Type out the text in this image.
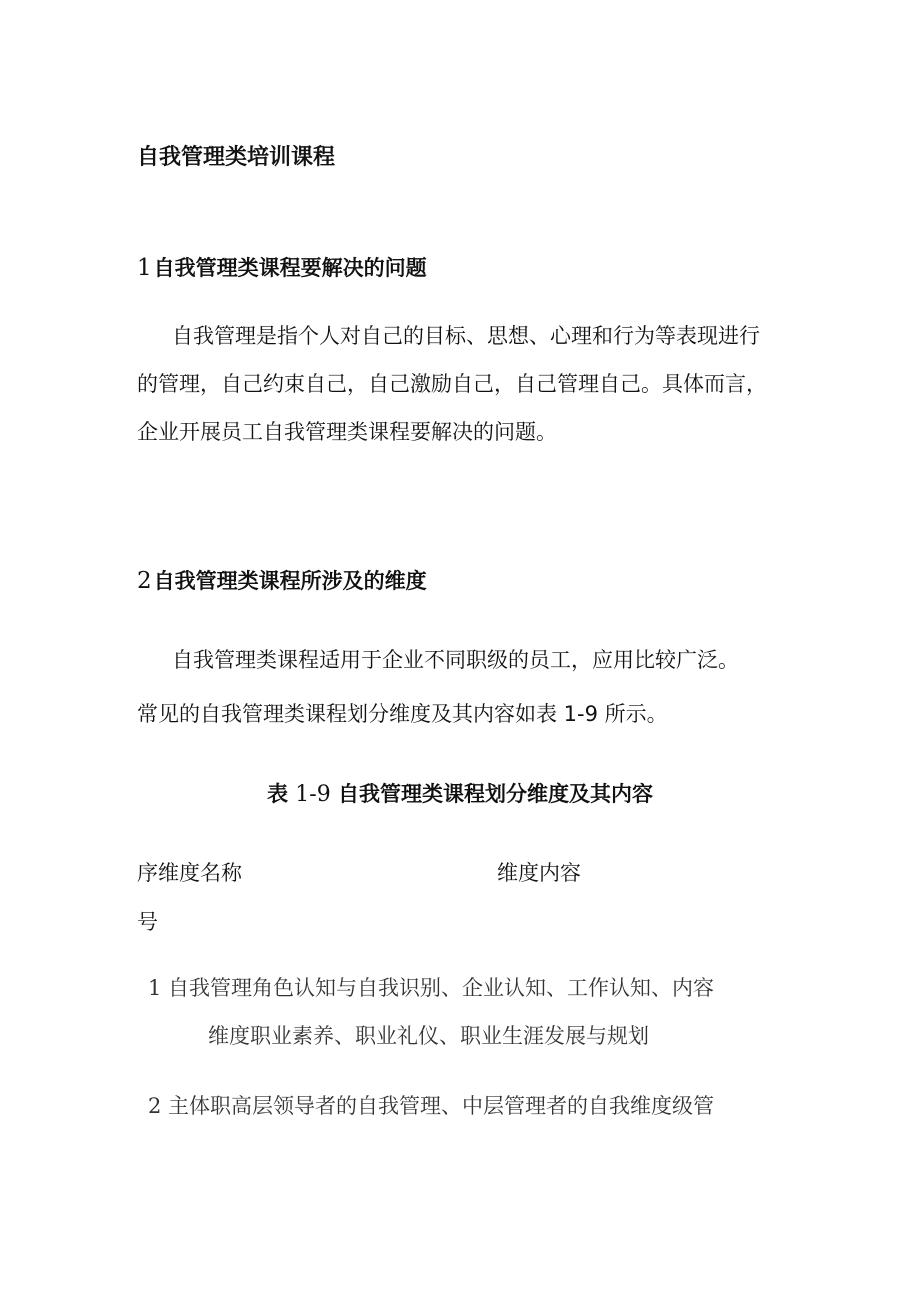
自我管理类培训课程
1自我管理类课程要解决的问题
自我管理是指个人对自己的目标、思想、心理和行为等表现进行
的管理，自己约束自己，自己激励自己，自己管理自己。具体而言，
企业开展员工自我管理类课程要解决的问题。
2自我管理类课程所涉及的维度
自我管理类课程适用于企业不同职级的员工，应用比较广泛。
常见的自我管理类课程划分维度及其内容如表 1-9 所示。
表 1-9 自我管理类课程划分维度及其内容
序维度名称
号
维度内容
1 自我管理角色认知与自我识别、企业认知、工作认知、内容
维度职业素养、职业礼仪、职业生涯发展与规划
2 主体职高层领导者的自我管理、中层管理者的自我维度级管
